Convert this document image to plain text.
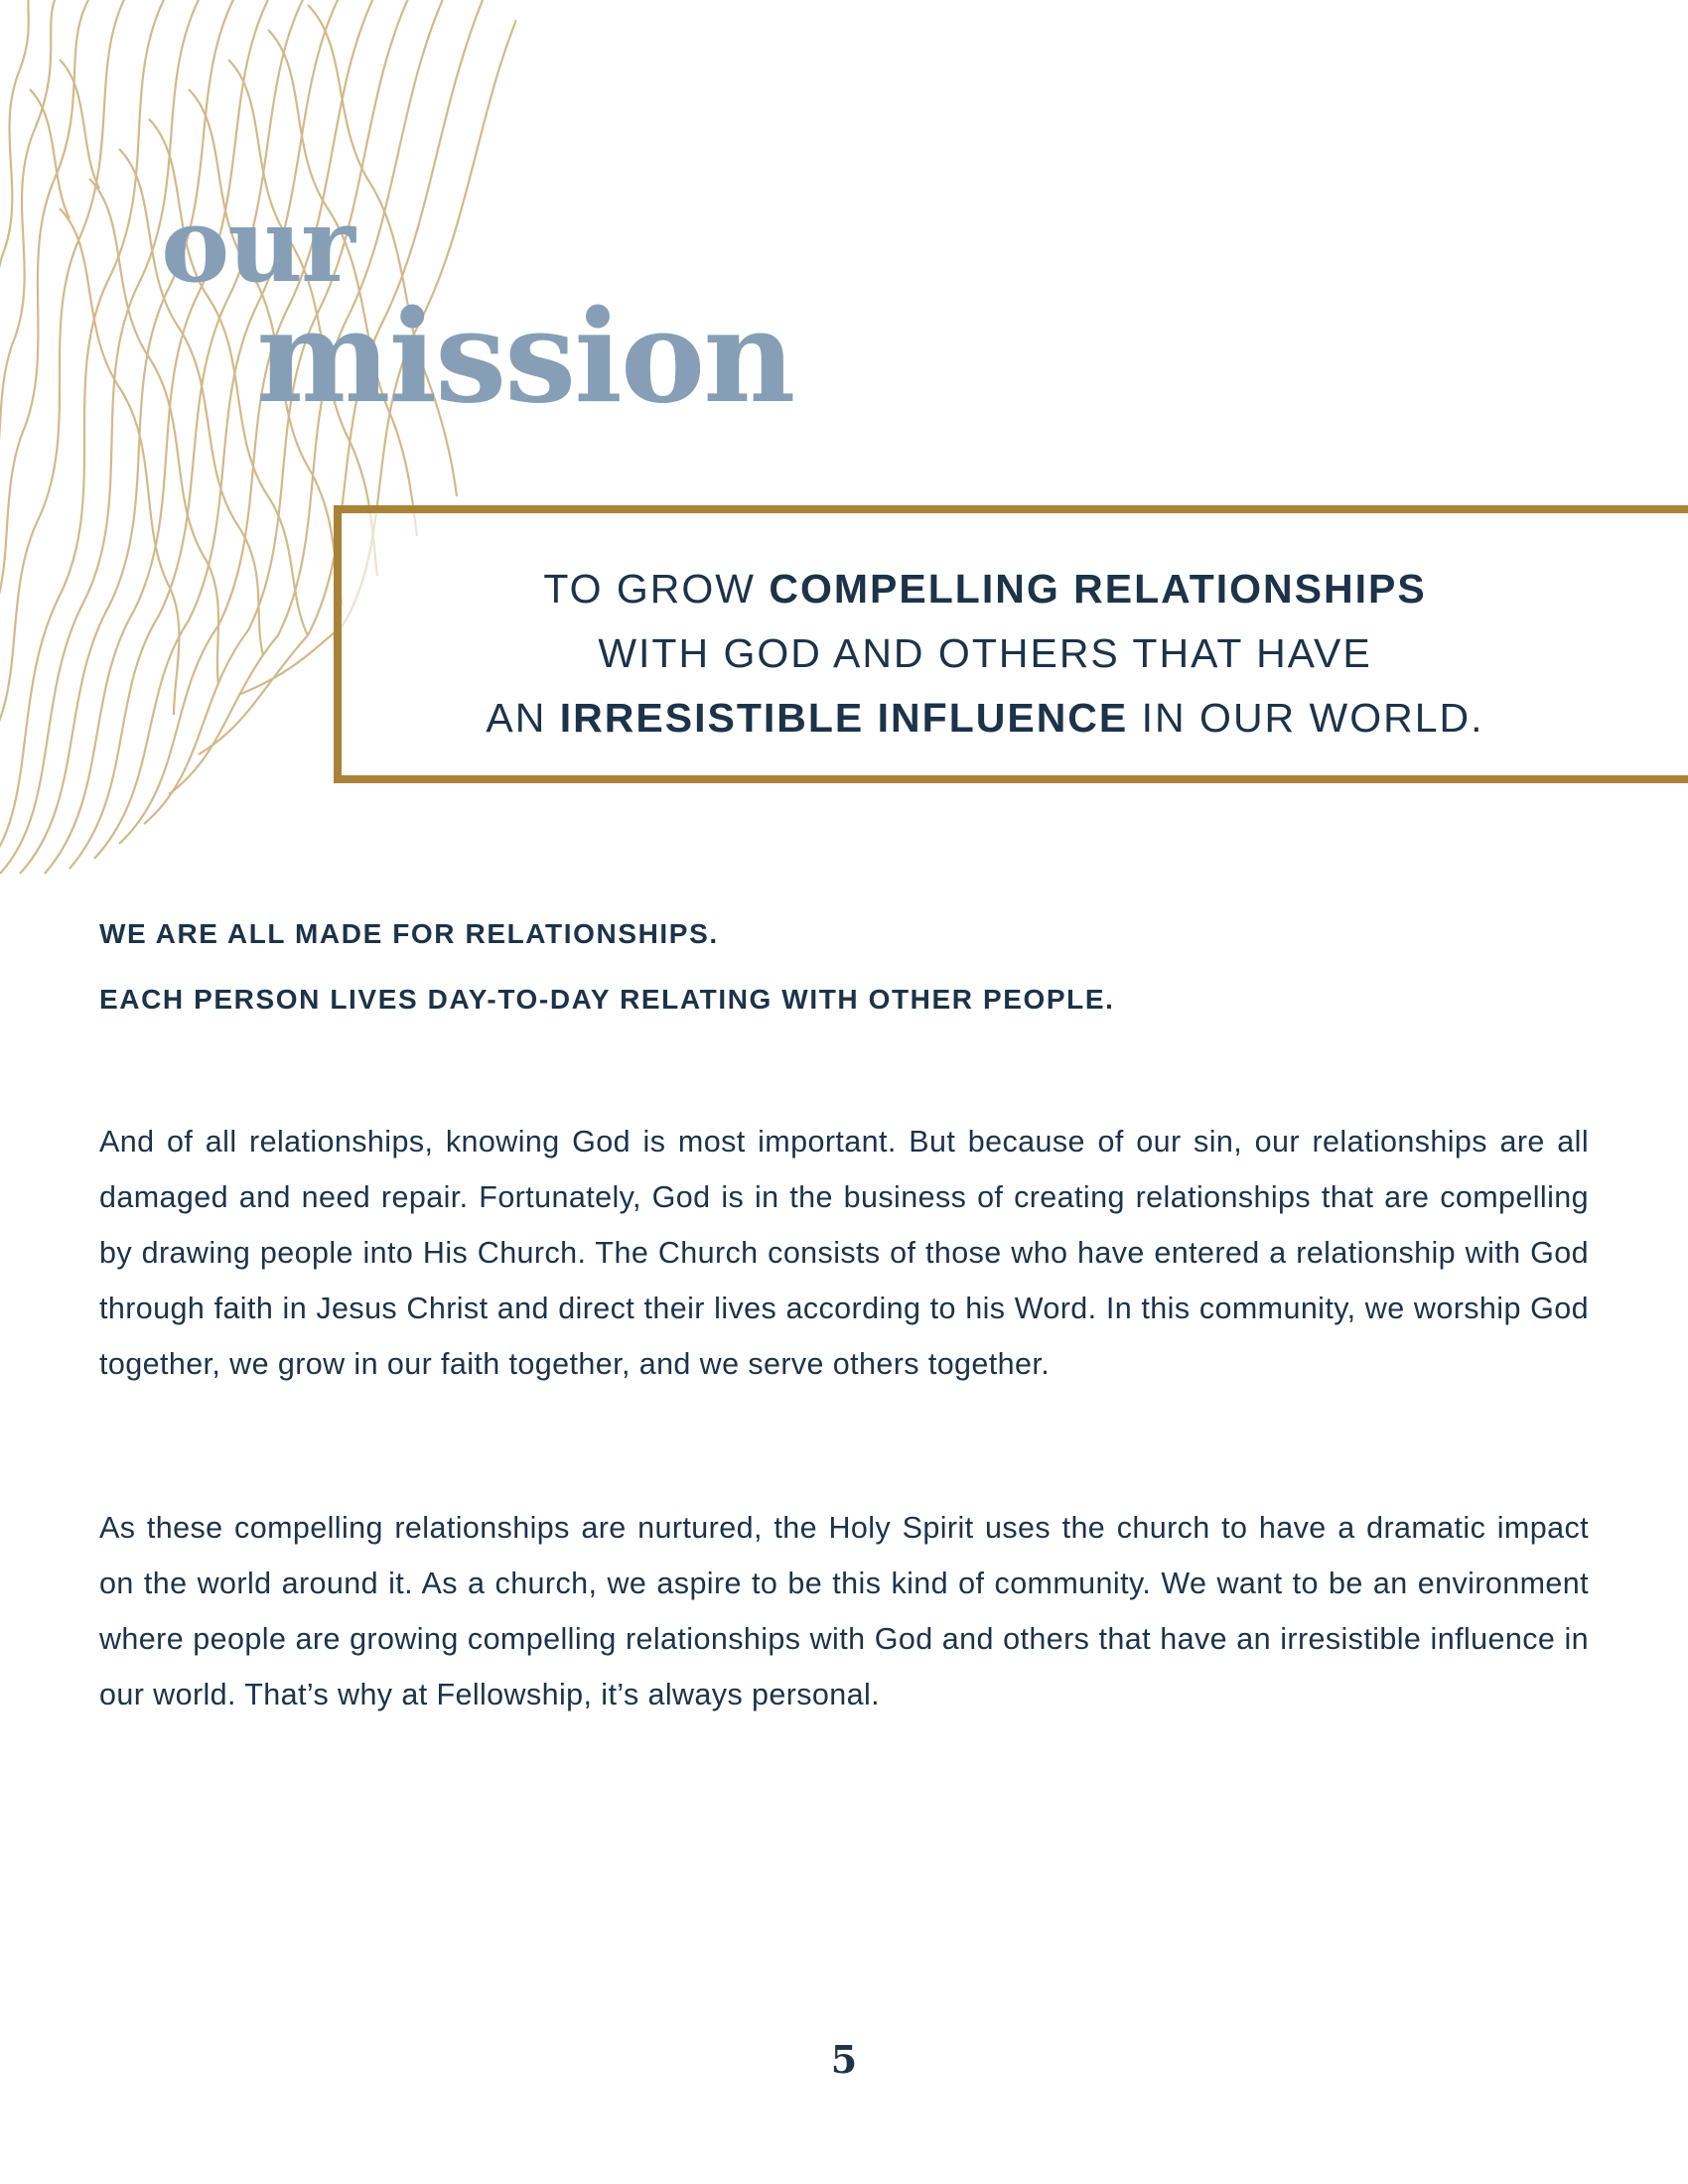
our
mission
TO GROW COMPELLING RELATIONSHIPS
WITH GOD AND OTHERS THAT HAVE
AN IRRESISTIBLE INFLUENCE IN OUR WORLD.
WE ARE ALL MADE FOR RELATIONSHIPS.
EACH PERSON LIVES DAY-TO-DAY RELATING WITH OTHER PEOPLE.

And of all relationships, knowing God is most important. But because of our sin, our relationships are all damaged and need repair. Fortunately, God is in the business of creating relationships that are compelling by drawing people into His Church. The Church consists of those who have entered a relationship with God through faith in Jesus Christ and direct their lives according to his Word. In this community, we worship God together, we grow in our faith together, and we serve others together.

As these compelling relationships are nurtured, the Holy Spirit uses the church to have a dramatic impact on the world around it. As a church, we aspire to be this kind of community. We want to be an environment where people are growing compelling relationships with God and others that have an irresistible influence in our world. That’s why at Fellowship, it’s always personal.

5
